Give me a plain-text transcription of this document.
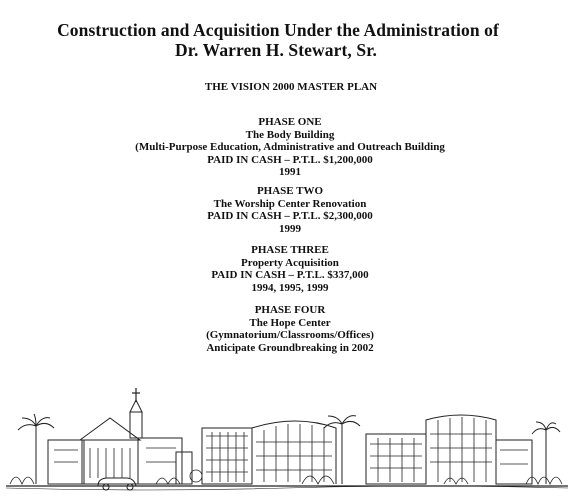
Construction and Acquisition Under the Administration of
Dr. Warren H. Stewart, Sr.
THE VISION 2000 MASTER PLAN
PHASE ONE
The Body Building
(Multi-Purpose Education, Administrative and Outreach Building
PAID IN CASH – P.T.L. $1,200,000
1991
PHASE TWO
The Worship Center Renovation
PAID IN CASH – P.T.L. $2,300,000
1999
PHASE THREE
Property Acquisition
PAID IN CASH – P.T.L. $337,000
1994, 1995, 1999
PHASE FOUR
The Hope Center
(Gymnatorium/Classrooms/Offices)
Anticipate Groundbreaking in 2002
